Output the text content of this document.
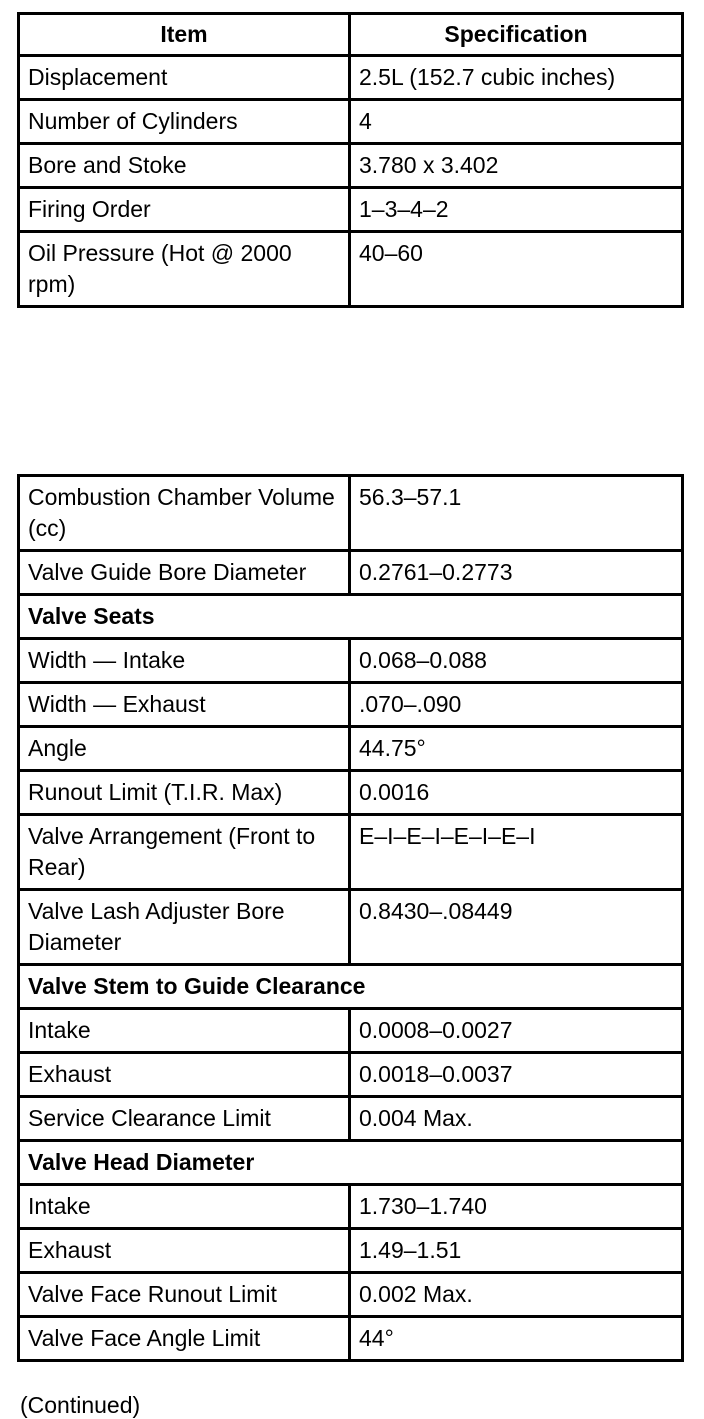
Item	Specification
Displacement	2.5L (152.7 cubic inches)
Number of Cylinders	4
Bore and Stoke	3.780 x 3.402
Firing Order	1–3–4–2
Oil Pressure (Hot @ 2000 rpm)	40–60
Combustion Chamber Volume (cc)	56.3–57.1
Valve Guide Bore Diameter	0.2761–0.2773
Valve Seats	
Width — Intake	0.068–0.088
Width — Exhaust	.070–.090
Angle	44.75°
Runout Limit (T.I.R. Max)	0.0016
Valve Arrangement (Front to Rear)	E–I–E–I–E–I–E–I
Valve Lash Adjuster Bore Diameter	0.8430–.08449
Valve Stem to Guide Clearance	
Intake	0.0008–0.0027
Exhaust	0.0018–0.0037
Service Clearance Limit	0.004 Max.
Valve Head Diameter	
Intake	1.730–1.740
Exhaust	1.49–1.51
Valve Face Runout Limit	0.002 Max.
Valve Face Angle Limit	44°
(Continued)
